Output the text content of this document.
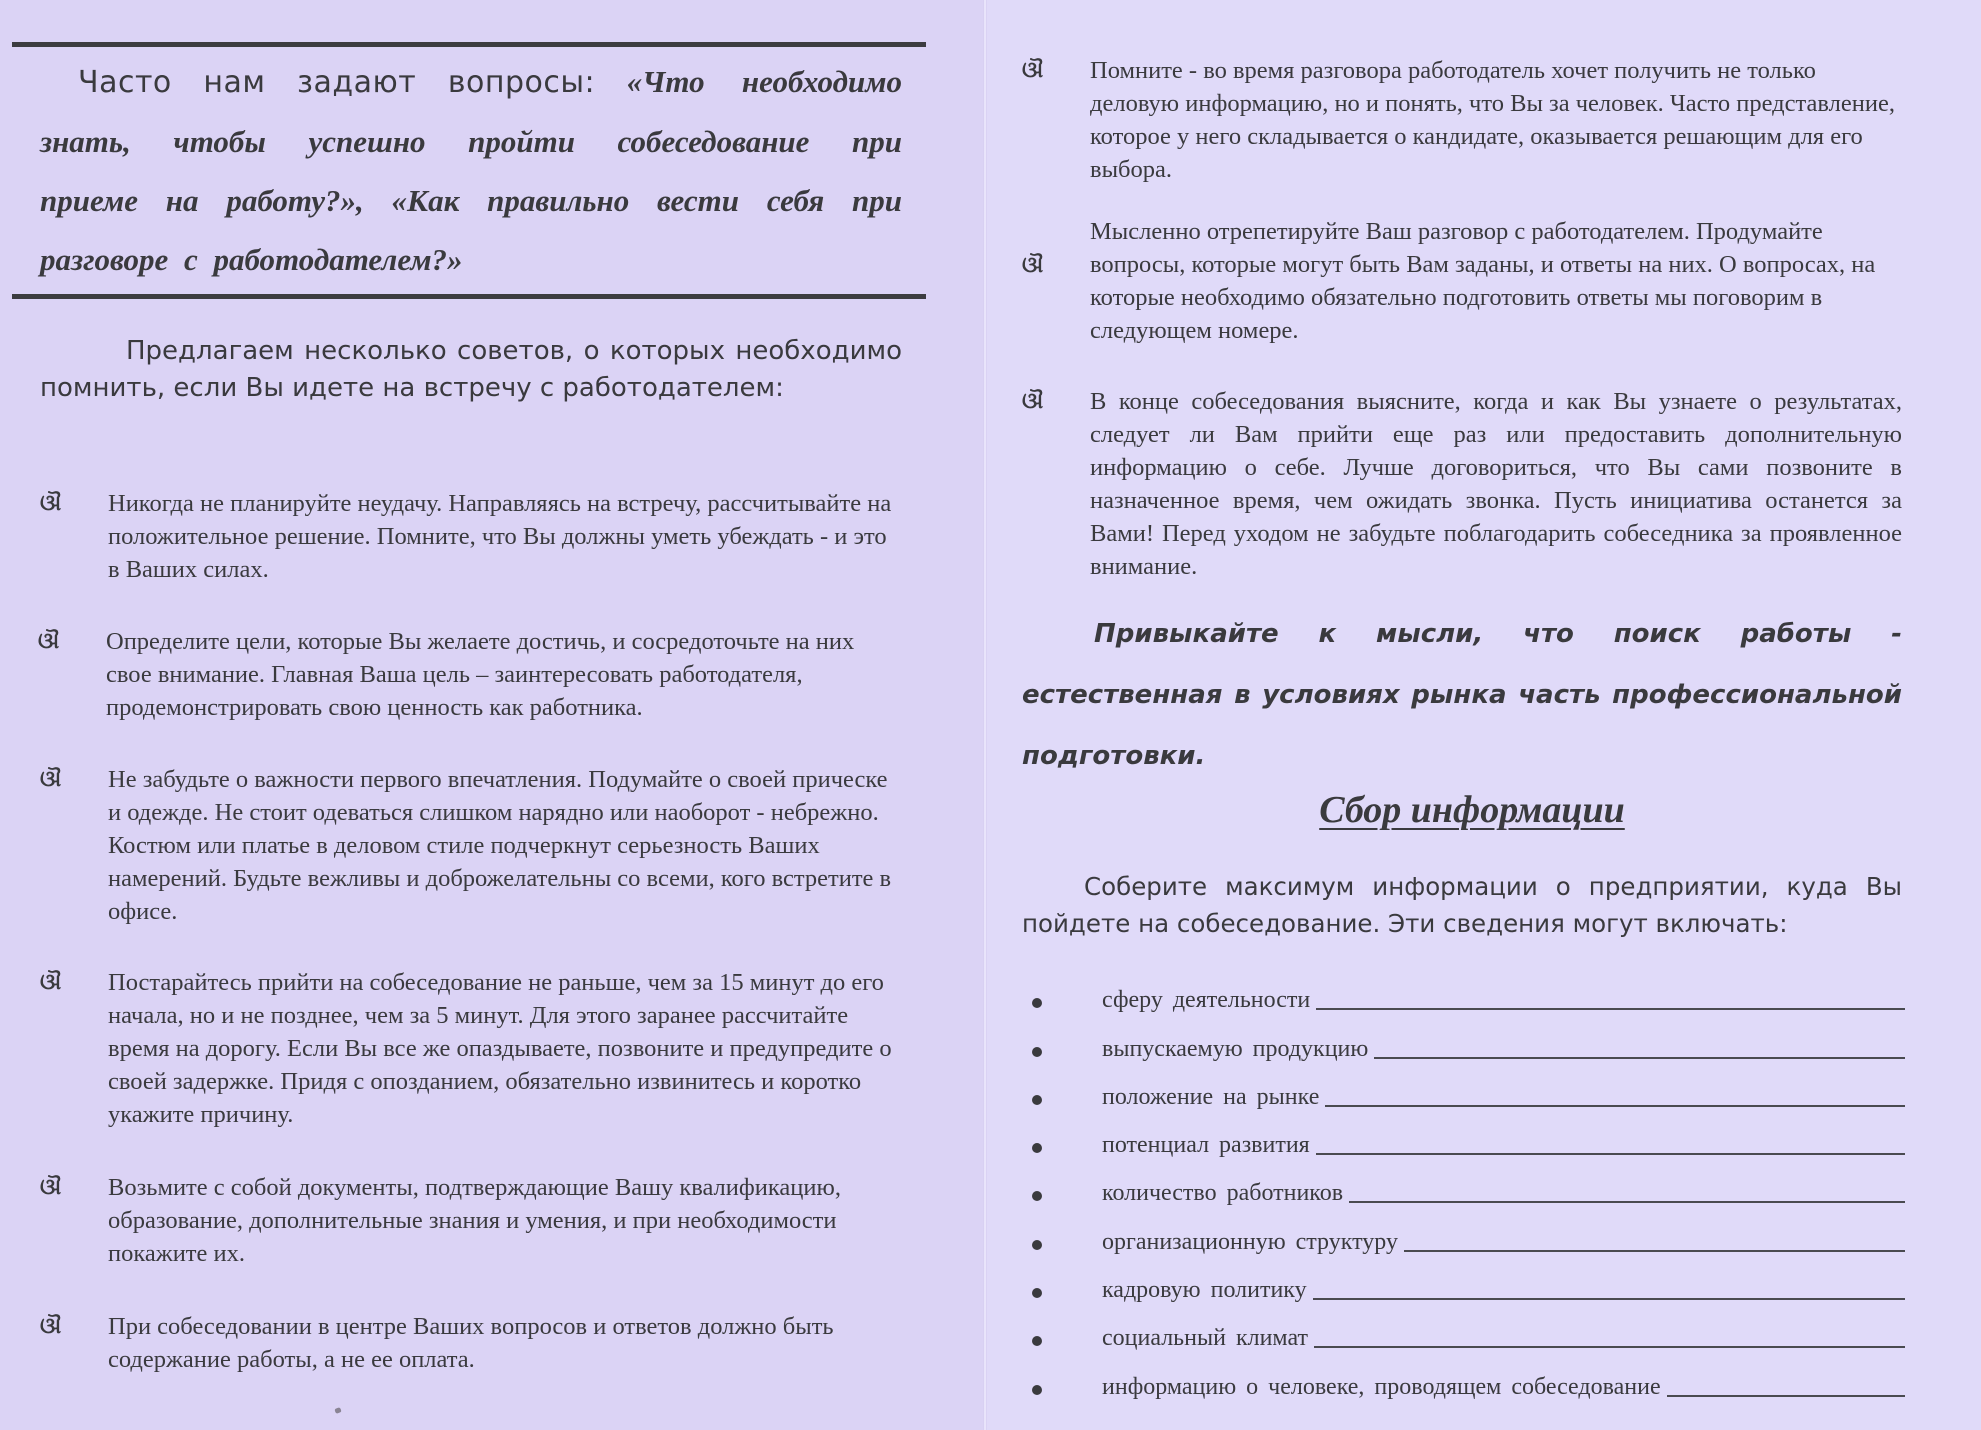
Часто нам задают вопросы: «Что необходимо
знать, чтобы успешно пройти собеседование при
приеме на работу?», «Как правильно вести себя при
разговоре с работодателем?»
Предлагаем несколько советов, о которых необходимо помнить, если Вы идете на встречу с работодателем:
ଔ	Никогда не планируйте неудачу. Направляясь на встречу, рассчитывайте на положительное решение. Помните, что Вы должны уметь убеждать - и это в Ваших силах.
ଔ	Определите цели, которые Вы желаете достичь, и сосредоточьте на них свое внимание. Главная Ваша цель – заинтересовать работодателя, продемонстрировать свою ценность как работника.
ଔ	Не забудьте о важности первого впечатления. Подумайте о своей прическе и одежде. Не стоит одеваться слишком нарядно или наоборот - небрежно. Костюм или платье в деловом стиле подчеркнут серьезность Ваших намерений. Будьте вежливы и доброжелательны со всеми, кого встретите в офисе.
ଔ	Постарайтесь прийти на собеседование не раньше, чем за 15 минут до его начала, но и не позднее, чем за 5 минут. Для этого заранее рассчитайте время на дорогу. Если Вы все же опаздываете, позвоните и предупредите о своей задержке. Придя с опозданием, обязательно извинитесь и коротко укажите причину.
ଔ	Возьмите с собой документы, подтверждающие Вашу квалификацию, образование, дополнительные знания и умения, и при необходимости покажите их.
ଔ	При собеседовании в центре Ваших вопросов и ответов должно быть содержание работы, а не ее оплата.
ଔ	Помните - во время разговора работодатель хочет получить не только деловую информацию, но и понять, что Вы за человек. Часто представление, которое у него складывается о кандидате, оказывается решающим для его выбора.
ଔ
Мысленно отрепетируйте Ваш разговор с работодателем. Продумайте вопросы, которые могут быть Вам заданы, и ответы на них. О вопросах, на которые необходимо обязательно подготовить ответы мы поговорим в следующем номере.
ଔ	В конце собеседования выясните, когда и как Вы узнаете о результатах, следует ли Вам прийти еще раз или предоставить дополнительную информацию о себе. Лучше договориться, что Вы сами позвоните в назначенное время, чем ожидать звонка. Пусть инициатива останется за Вами! Перед уходом не забудьте поблагодарить собеседника за проявленное внимание.
Привыкайте к мысли, что поиск работы - естественная в условиях рынка часть профессиональной подготовки.
Сбор информации
Соберите максимум информации о предприятии, куда Вы пойдете на собеседование. Эти сведения могут включать:
сферу деятельности
выпускаемую продукцию
положение на рынке
потенциал развития
количество работников
организационную структуру
кадровую политику
социальный климат
информацию о человеке, проводящем собеседование
